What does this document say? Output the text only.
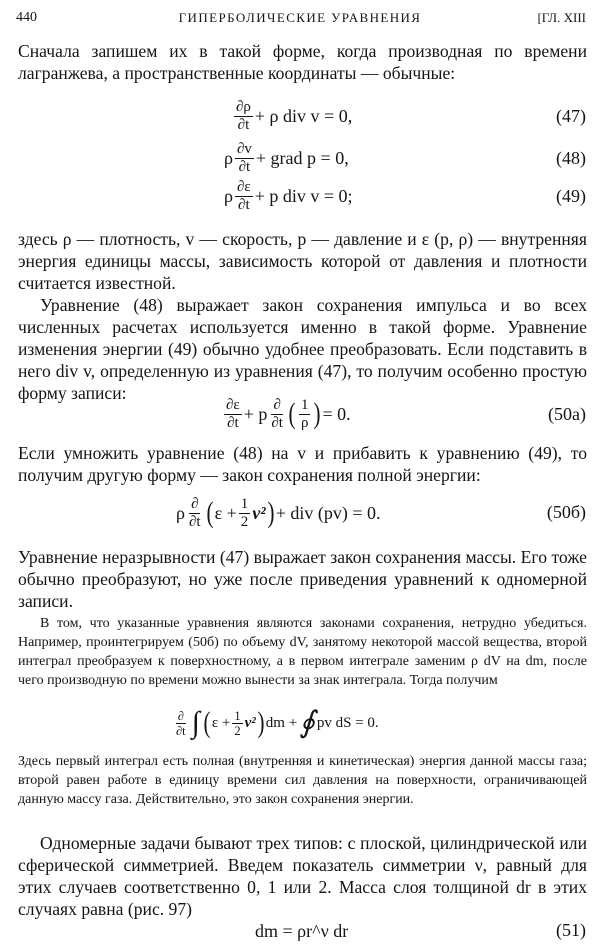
440	ГИПЕРБОЛИЧЕСКИЕ УРАВНЕНИЯ	[ГЛ. XIII

Сначала запишем их в такой форме, когда производная по времени лагранжева, а пространственные координаты — обычные:

$\frac{\partial\rho}{\partial t} + \rho$ div v = 0,	(47)
ρ $\frac{\partial v}{\partial t}$ + grad p = 0,	(48)
ρ $\frac{\partial\varepsilon}{\partial t} + p$ div v = 0;	(49)

здесь ρ — плотность, v — скорость, p — давление и ε (p, ρ) — внутренняя энергия единицы массы, зависимость которой от давления и плотности считается известной.

Уравнение (48) выражает закон сохранения импульса и во всех численных расчетах используется именно в такой форме. Уравнение изменения энергии (49) обычно удобнее преобразовать. Если подставить в него div v, определенную из уравнения (47), то получим особенно простую форму записи:

$\frac{\partial\varepsilon}{\partial t} + p \frac{\partial}{\partial t}$ ( $\frac{1}{\rho}$ ) = 0.	(50а)

Если умножить уравнение (48) на v и прибавить к уравнению (49), то получим другую форму — закон сохранения полной энергии:

ρ $\frac{\partial}{\partial t}$ ( $\varepsilon + \frac{1}{2} v^2$ ) + div (pv) = 0.	(50б)

Уравнение неразрывности (47) выражает закон сохранения массы. Его тоже обычно преобразуют, но уже после приведения уравнений к одномерной записи.

В том, что указанные уравнения являются законами сохранения, нетрудно убедиться. Например, проинтегрируем (50б) по объему dV, занятому некоторой массой вещества, второй интеграл преобразуем к поверхностному, а в первом интеграле заменим ρ dV на dm, после чего производную по времени можно вынести за знак интеграла. Тогда получим

$\frac{\partial}{\partial t}$ ∫ ( $\varepsilon + \frac{1}{2} v^2$ ) dm + ∮ pv dS = 0.

Здесь первый интеграл есть полная (внутренняя и кинетическая) энергия данной массы газа; второй равен работе в единицу времени сил давления на поверхности, ограничивающей данную массу газа. Действительно, это закон сохранения энергии.

Одномерные задачи бывают трех типов: с плоской, цилиндрической или сферической симметрией. Введем показатель симметрии ν, равный для этих случаев соответственно 0, 1 или 2. Масса слоя толщиной dr в этих случаях равна (рис. 97)

dm = ρr^ν dr	(51)
